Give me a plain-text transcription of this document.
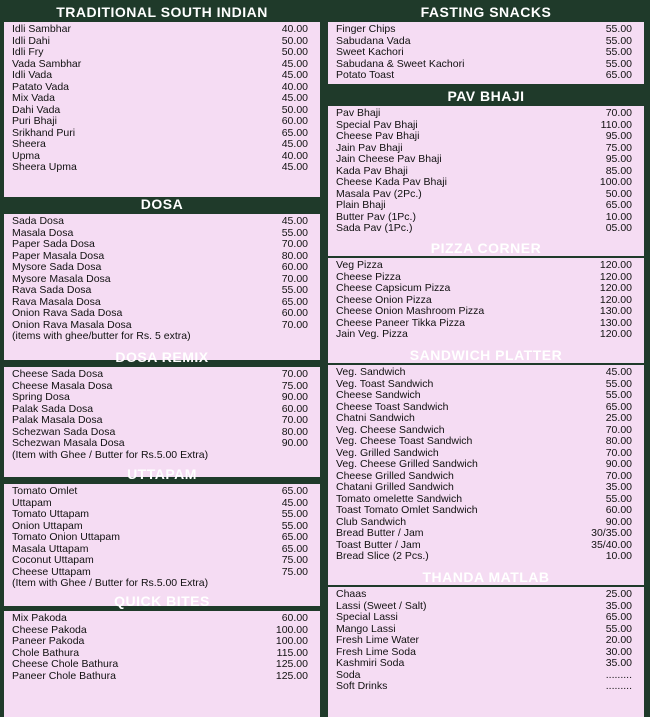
TRADITIONAL SOUTH INDIAN
Idli Sambhar	40.00
Idli Dahi	50.00
Idli Fry	50.00
Vada Sambhar	45.00
Idli Vada	45.00
Patato Vada	40.00
Mix Vada	45.00
Dahi Vada	50.00
Puri Bhaji	60.00
Srikhand Puri	65.00
Sheera	45.00
Upma	40.00
Sheera Upma	45.00
DOSA
Sada Dosa	45.00
Masala Dosa	55.00
Paper Sada Dosa	70.00
Paper Masala Dosa	80.00
Mysore Sada Dosa	60.00
Mysore Masala Dosa	70.00
Rava Sada Dosa	55.00
Rava Masala Dosa	65.00
Onion Rava Sada Dosa	60.00
Onion Rava Masala Dosa	70.00
(items with ghee/butter for Rs. 5 extra)
DOSA REMIX
Cheese Sada Dosa	70.00
Cheese Masala Dosa	75.00
Spring Dosa	90.00
Palak Sada Dosa	60.00
Palak Masala Dosa	70.00
Schezwan Sada Dosa	80.00
Schezwan Masala Dosa	90.00
(Item with Ghee / Butter for Rs.5.00 Extra)
UTTAPAM
Tomato Omlet	65.00
Uttapam	45.00
Tomato Uttapam	55.00
Onion Uttapam	55.00
Tomato Onion Uttapam	65.00
Masala Uttapam	65.00
Coconut Uttapam	75.00
Cheese Uttapam	75.00
(Item with Ghee / Butter for Rs.5.00 Extra)
QUICK BITES
Mix Pakoda	60.00
Cheese Pakoda	100.00
Paneer Pakoda	100.00
Chole Bathura	115.00
Cheese Chole Bathura	125.00
Paneer Chole Bathura	125.00
FASTING SNACKS
Finger Chips	55.00
Sabudana Vada	55.00
Sweet Kachori	55.00
Sabudana & Sweet Kachori	55.00
Potato Toast	65.00
PAV BHAJI
Pav Bhaji	70.00
Special Pav Bhaji	110.00
Cheese Pav Bhaji	95.00
Jain Pav Bhaji	75.00
Jain Cheese Pav Bhaji	95.00
Kada Pav Bhaji	85.00
Cheese Kada Pav Bhaji	100.00
Masala Pav (2Pc.)	50.00
Plain Bhaji	65.00
Butter Pav (1Pc.)	10.00
Sada Pav (1Pc.)	05.00
PIZZA CORNER
Veg Pizza	120.00
Cheese Pizza	120.00
Cheese Capsicum Pizza	120.00
Cheese Onion Pizza	120.00
Cheese Onion Mashroom Pizza	130.00
Cheese Paneer Tikka Pizza	130.00
Jain Veg. Pizza	120.00
SANDWICH PLATTER
Veg. Sandwich	45.00
Veg. Toast Sandwich	55.00
Cheese Sandwich	55.00
Cheese Toast Sandwich	65.00
Chatni Sandwich	25.00
Veg. Cheese Sandwich	70.00
Veg. Cheese Toast Sandwich	80.00
Veg. Grilled Sandwich	70.00
Veg. Cheese Grilled Sandwich	90.00
Cheese Grilled Sandwich	70.00
Chatani Grilled Sandwich	35.00
Tomato omelette Sandwich	55.00
Toast Tomato Omlet Sandwich	60.00
Club Sandwich	90.00
Bread Butter / Jam	30/35.00
Toast Butter / Jam	35/40.00
Bread Slice (2 Pcs.)	10.00
THANDA MATLAB
Chaas	25.00
Lassi (Sweet / Salt)	35.00
Special Lassi	65.00
Mango Lassi	55.00
Fresh Lime Water	20.00
Fresh Lime Soda	30.00
Kashmiri Soda	35.00
Soda	.........
Soft Drinks	.........
